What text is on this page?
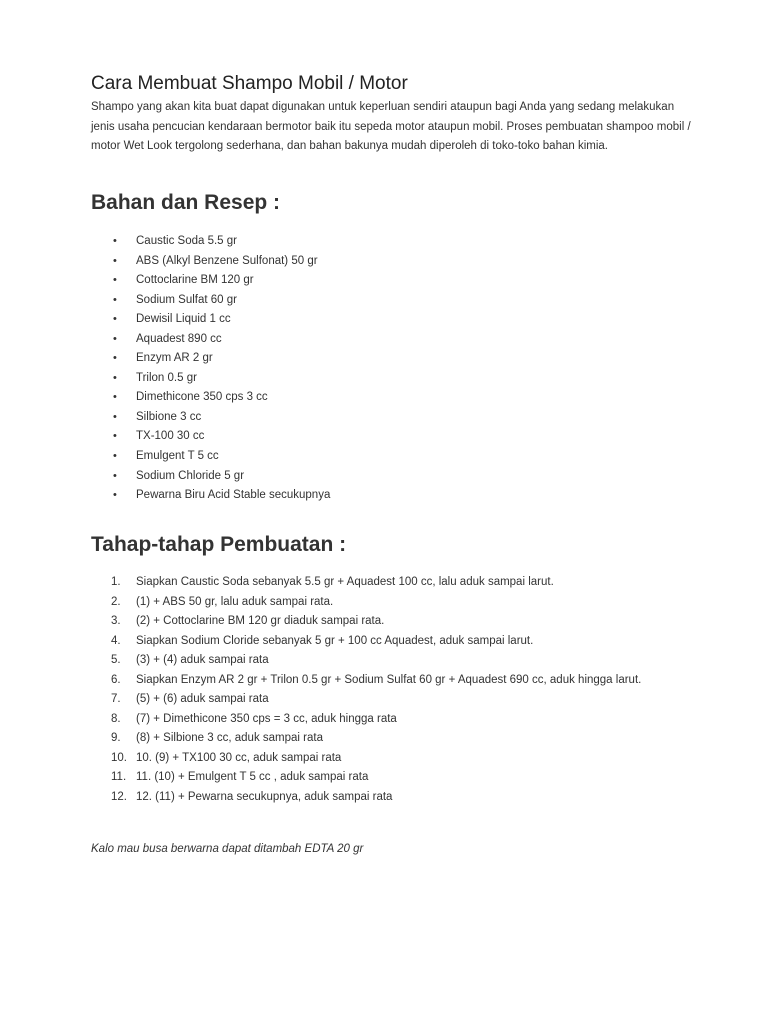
Cara Membuat Shampo Mobil / Motor

Shampo yang akan kita buat dapat digunakan untuk keperluan sendiri ataupun bagi Anda yang sedang melakukan jenis usaha pencucian kendaraan bermotor baik itu sepeda motor ataupun mobil. Proses pembuatan shampoo mobil / motor Wet Look tergolong sederhana, dan bahan bakunya mudah diperoleh di toko-toko bahan kimia.

Bahan dan Resep :
• Caustic Soda 5.5 gr
• ABS (Alkyl Benzene Sulfonat) 50 gr
• Cottoclarine BM 120 gr
• Sodium Sulfat 60 gr
• Dewisil Liquid 1 cc
• Aquadest 890 cc
• Enzym AR 2 gr
• Trilon 0.5 gr
• Dimethicone 350 cps 3 cc
• Silbione 3 cc
• TX-100 30 cc
• Emulgent T 5 cc
• Sodium Chloride 5 gr
• Pewarna Biru Acid Stable secukupnya
Tahap-tahap Pembuatan :
1. Siapkan Caustic Soda sebanyak 5.5 gr + Aquadest 100 cc, lalu aduk sampai larut.
2. (1) + ABS 50 gr, lalu aduk sampai rata.
3. (2) + Cottoclarine BM 120 gr diaduk sampai rata.
4. Siapkan Sodium Cloride sebanyak 5 gr + 100 cc Aquadest, aduk sampai larut.
5. (3) + (4) aduk sampai rata
6. Siapkan Enzym AR 2 gr + Trilon 0.5 gr + Sodium Sulfat 60 gr + Aquadest 690 cc, aduk hingga larut.
7. (5) + (6) aduk sampai rata
8. (7) + Dimethicone 350 cps = 3 cc, aduk hingga rata
9. (8) + Silbione 3 cc, aduk sampai rata
10. 10. (9) + TX100 30 cc, aduk sampai rata
11. 11. (10) + Emulgent T 5 cc , aduk sampai rata
12. 12. (11) + Pewarna secukupnya, aduk sampai rata

Kalo mau busa berwarna dapat ditambah EDTA 20 gr
